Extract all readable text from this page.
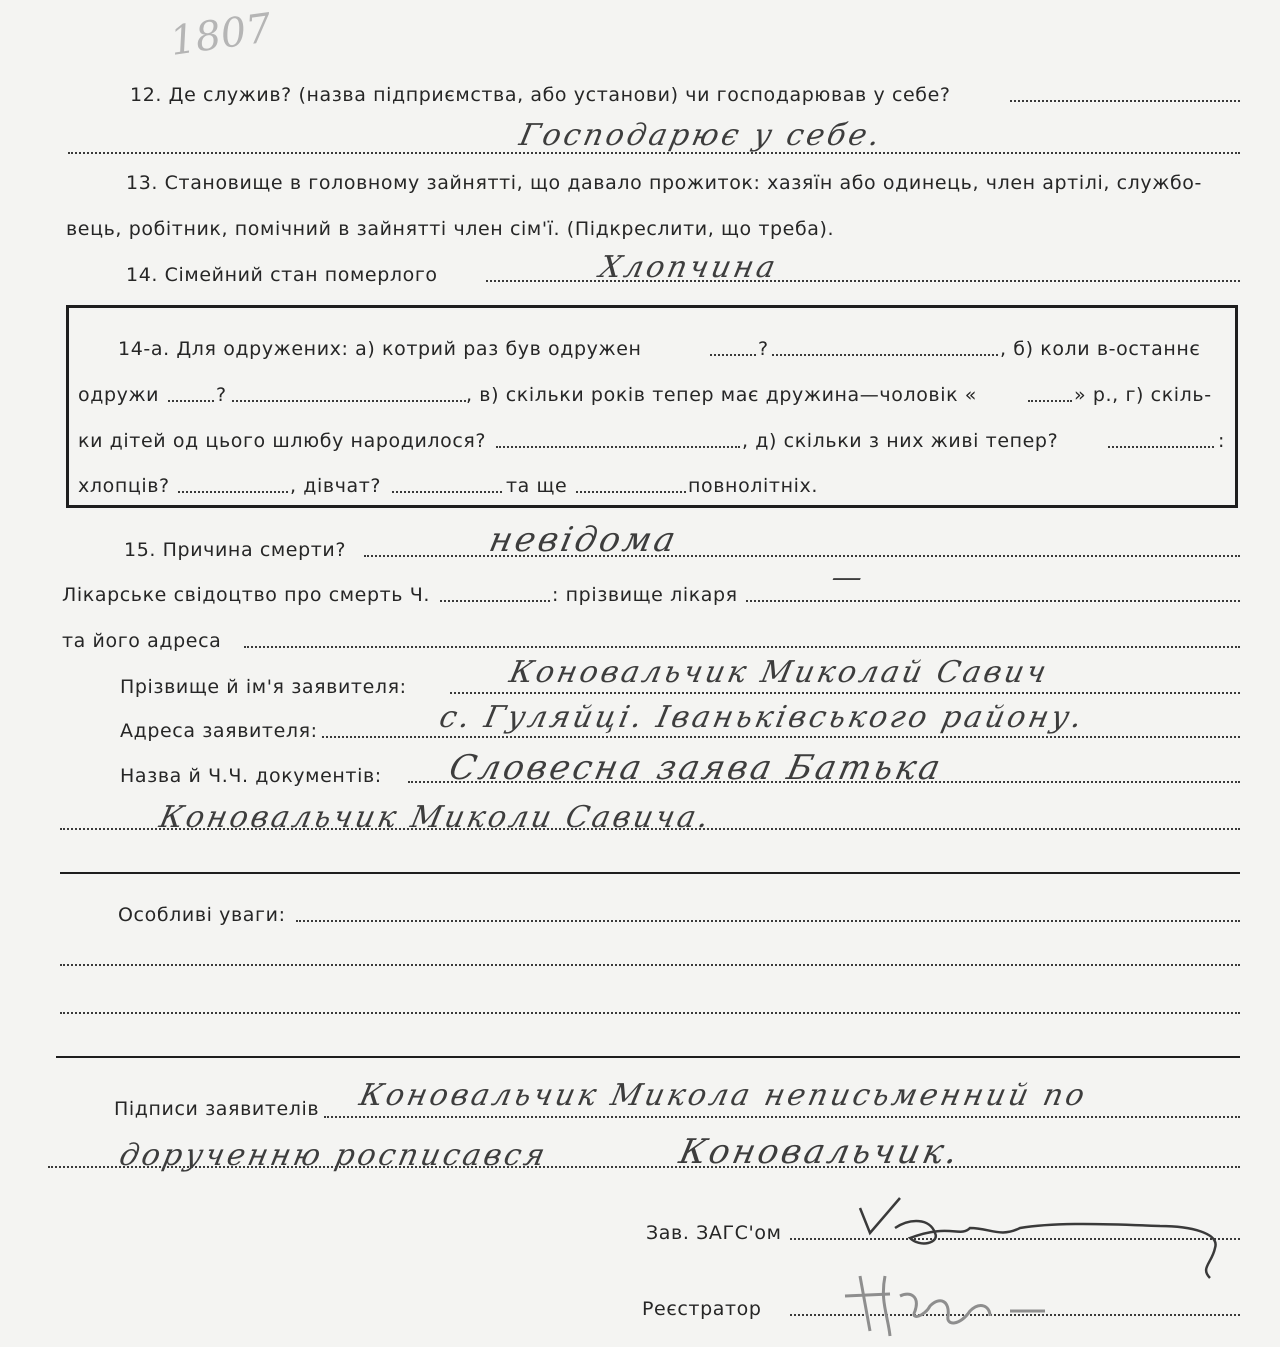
1807
12. Де служив? (назва підприємства, або установи) чи господарював у себе?
Господарює у себе.
13. Становище в головному зайнятті, що давало прожиток: хазяїн або одинець, член артілі, службо-
вець, робітник, помічний в зайнятті член сім'ї. (Підкреслити, що треба).
14. Сімейний стан померлого	Хлопчина
14-а. Для одружених: а) котрий раз був одружен	?	, б) коли в-останнє
одружи	?	, в) скільки років тепер має дружина—чоловік «	» р., г) скіль-
ки дітей од цього шлюбу народилося?	, д) скільки з них живі тепер?	:
хлопців?	, дівчат?	та ще	повнолітніх.
15. Причина смерти?	невідома
Лікарське свідоцтво про смерть Ч.	: прізвище лікаря	—
та його адреса
Прізвище й ім'я заявителя:	Коновальчик Миколай Савич
Адреса заявителя:	с. Гуляйці. Іваньківського району.
Назва й Ч.Ч. документів: Словесна заява Батька
Коновальчик Миколи Савича.
Особливі уваги:
Підписи заявителів Коновальчик Микола неписьменний по
дорученню росписався	Коновальчик.
Зав. ЗАГС'ом
Реєстратор
